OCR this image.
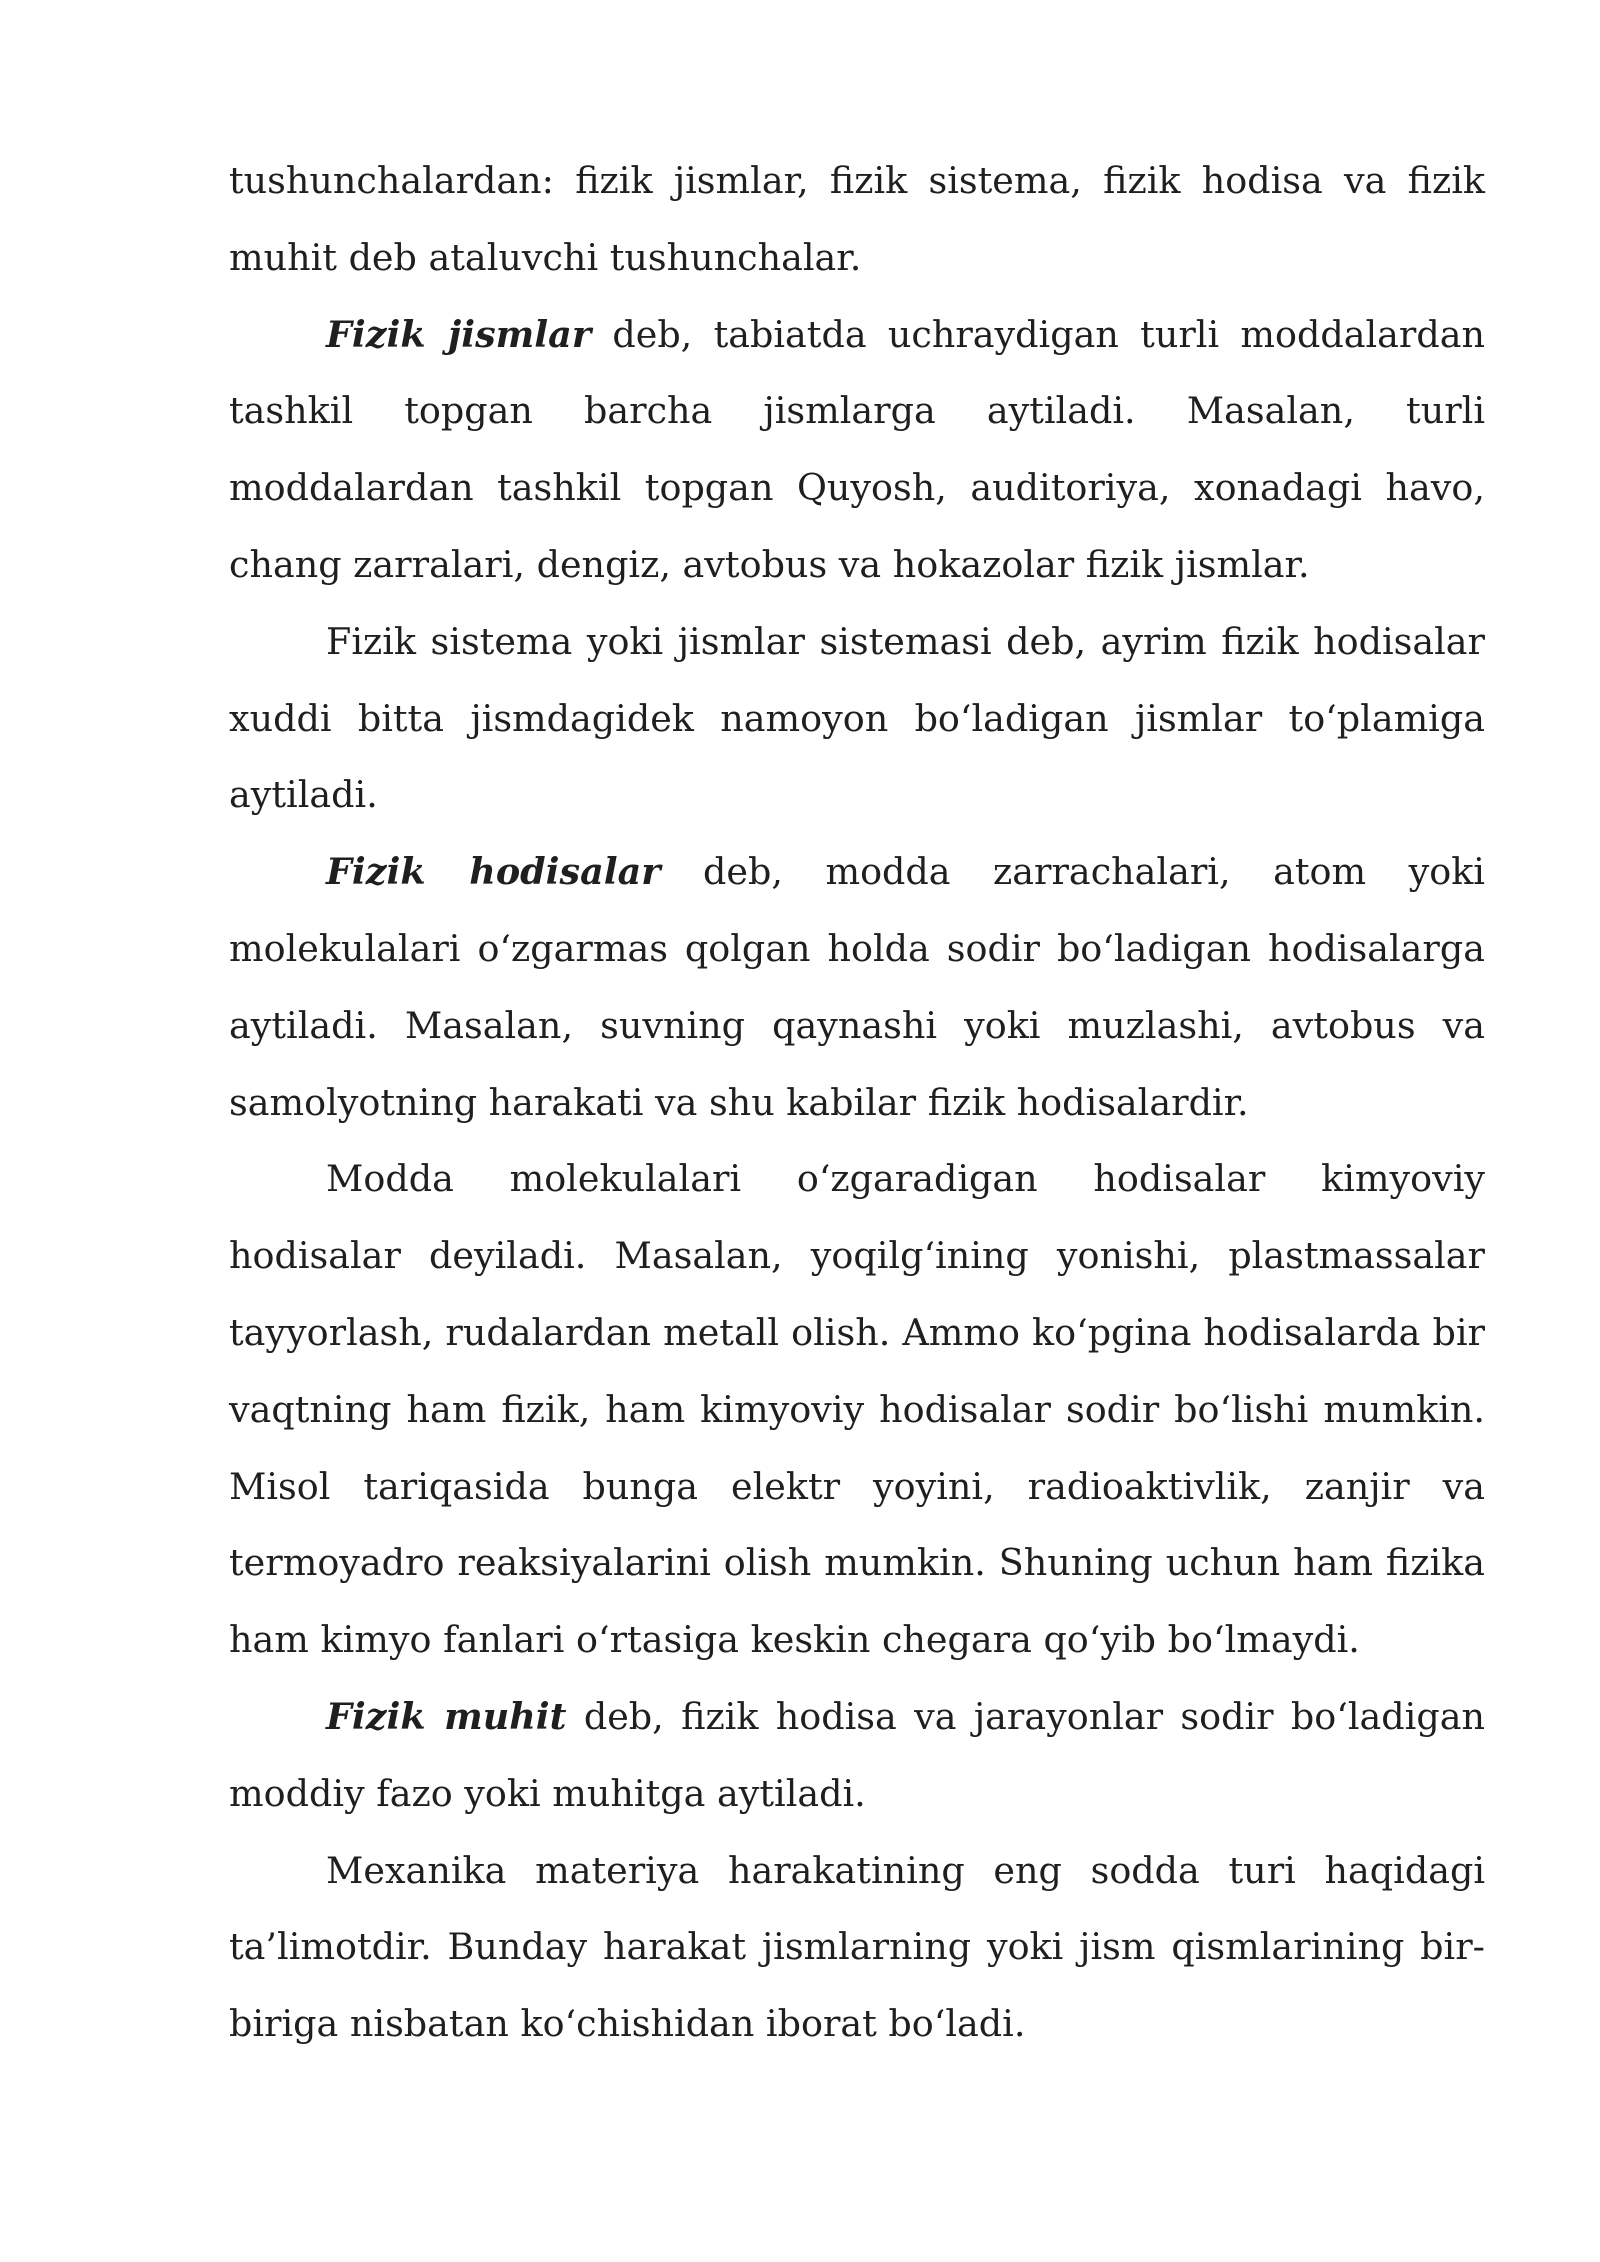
tushunchalardan: fizik jismlar, fizik sistema, fizik hodisa va fizik muhit deb ataluvchi tushunchalar.

Fizik jismlar deb, tabiatda uchraydigan turli moddalardan tashkil topgan barcha jismlarga aytiladi. Masalan, turli moddalardan tashkil topgan Quyosh, auditoriya, xonadagi havo, chang zarralari, dengiz, avtobus va hokazolar fizik jismlar.

Fizik sistema yoki jismlar sistemasi deb, ayrim fizik hodisalar xuddi bitta jismdagidek namoyon boʻladigan jismlar toʻplamiga aytiladi.

Fizik hodisalar deb, modda zarrachalari, atom yoki molekulalari oʻzgarmas qolgan holda sodir boʻladigan hodisalarga aytiladi. Masalan, suvning qaynashi yoki muzlashi, avtobus va samolyotning harakati va shu kabilar fizik hodisalardir.

Modda molekulalari oʻzgaradigan hodisalar kimyoviy hodisalar deyiladi. Masalan, yoqilgʻining yonishi, plastmassalar tayyorlash, rudalardan metall olish. Ammo koʻpgina hodisalarda bir vaqtning ham fizik, ham kimyoviy hodisalar sodir boʻlishi mumkin. Misol tariqasida bunga elektr yoyini, radioaktivlik, zanjir va termoyadro reaksiyalarini olish mumkin. Shuning uchun ham fizika ham kimyo fanlari oʻrtasiga keskin chegara qoʻyib boʻlmaydi.

Fizik muhit deb, fizik hodisa va jarayonlar sodir boʻladigan moddiy fazo yoki muhitga aytiladi.

Mexanika materiya harakatining eng sodda turi haqidagi ta’limotdir. Bunday harakat jismlarning yoki jism qismlarining bir-biriga nisbatan koʻchishidan iborat boʻladi.
